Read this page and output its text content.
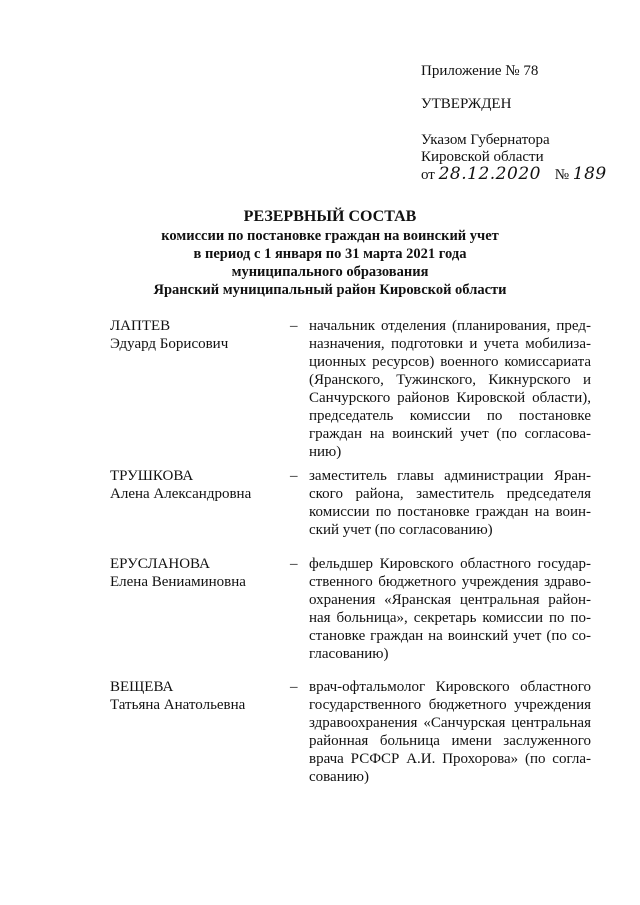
Приложение № 78
УТВЕРЖДЕН
Указом Губернатора
Кировской области
от 28.12.2020 № 189
РЕЗЕРВНЫЙ СОСТАВ
комиссии по постановке граждан на воинский учет
в период с 1 января по 31 марта 2021 года
муниципального образования
Яранский муниципальный район Кировской области
ЛАПТЕВ
Эдуард Борисович
– начальник отделения (планирования, пред-
назначения, подготовки и учета мобилиза-
ционных ресурсов) военного комиссариата
(Яранского, Тужинского, Кикнурского и
Санчурского районов Кировской области),
председатель комиссии по постановке
граждан на воинский учет (по согласова-
нию)
ТРУШКОВА
Алена Александровна
– заместитель главы администрации Яран-
ского района, заместитель председателя
комиссии по постановке граждан на воин-
ский учет (по согласованию)
ЕРУСЛАНОВА
Елена Вениаминовна
– фельдшер Кировского областного государ-
ственного бюджетного учреждения здраво-
охранения «Яранская центральная район-
ная больница», секретарь комиссии по по-
становке граждан на воинский учет (по со-
гласованию)
ВЕЩЕВА
Татьяна Анатольевна
– врач-офтальмолог Кировского областного
государственного бюджетного учреждения
здравоохранения «Санчурская центральная
районная больница имени заслуженного
врача РСФСР А.И. Прохорова» (по согла-
сованию)
